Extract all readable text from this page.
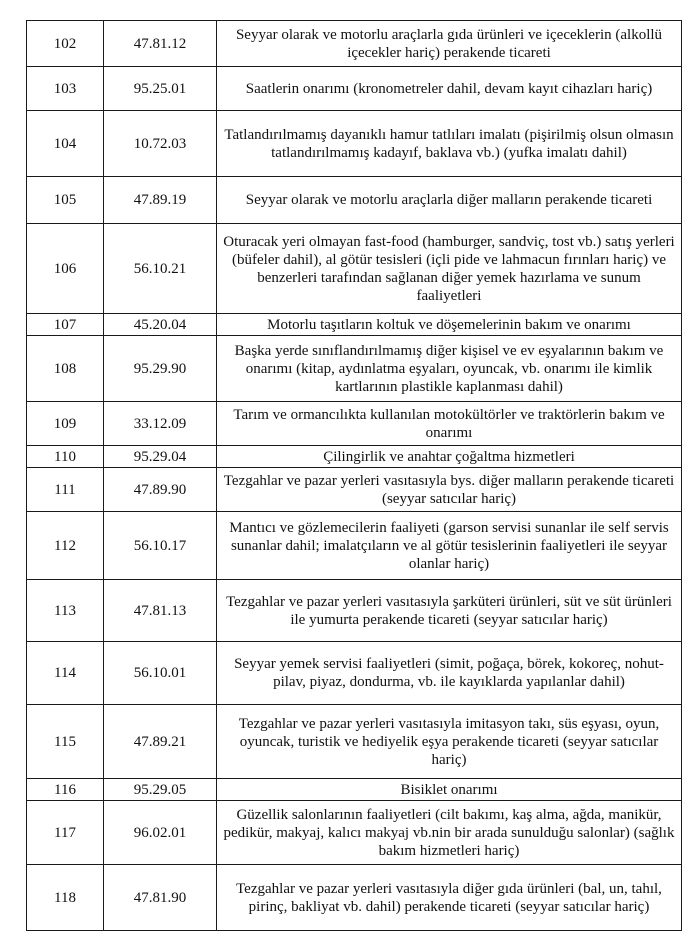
102	47.81.12	Seyyar olarak ve motorlu araçlarla gıda ürünleri ve içeceklerin (alkollü içecekler hariç) perakende ticareti
103	95.25.01	Saatlerin onarımı (kronometreler dahil, devam kayıt cihazları hariç)
104	10.72.03	Tatlandırılmamış dayanıklı hamur tatlıları imalatı (pişirilmiş olsun olmasın tatlandırılmamış kadayıf, baklava vb.) (yufka imalatı dahil)
105	47.89.19	Seyyar olarak ve motorlu araçlarla diğer malların perakende ticareti
106	56.10.21	Oturacak yeri olmayan fast-food (hamburger, sandviç, tost vb.) satış yerleri (büfeler dahil), al götür tesisleri (içli pide ve lahmacun fırınları hariç) ve benzerleri tarafından sağlanan diğer yemek hazırlama ve sunum faaliyetleri
107	45.20.04	Motorlu taşıtların koltuk ve döşemelerinin bakım ve onarımı
108	95.29.90	Başka yerde sınıflandırılmamış diğer kişisel ve ev eşyalarının bakım ve onarımı (kitap, aydınlatma eşyaları, oyuncak, vb. onarımı ile kimlik kartlarının plastikle kaplanması dahil)
109	33.12.09	Tarım ve ormancılıkta kullanılan motokültörler ve traktörlerin bakım ve onarımı
110	95.29.04	Çilingirlik ve anahtar çoğaltma hizmetleri
111	47.89.90	Tezgahlar ve pazar yerleri vasıtasıyla bys. diğer malların perakende ticareti (seyyar satıcılar hariç)
112	56.10.17	Mantıcı ve gözlemecilerin faaliyeti (garson servisi sunanlar ile self servis sunanlar dahil; imalatçıların ve al götür tesislerinin faaliyetleri ile seyyar olanlar hariç)
113	47.81.13	Tezgahlar ve pazar yerleri vasıtasıyla şarküteri ürünleri, süt ve süt ürünleri ile yumurta perakende ticareti (seyyar satıcılar hariç)
114	56.10.01	Seyyar yemek servisi faaliyetleri (simit, poğaça, börek, kokoreç, nohut-pilav, piyaz, dondurma, vb. ile kayıklarda yapılanlar dahil)
115	47.89.21	Tezgahlar ve pazar yerleri vasıtasıyla imitasyon takı, süs eşyası, oyun, oyuncak, turistik ve hediyelik eşya perakende ticareti (seyyar satıcılar hariç)
116	95.29.05	Bisiklet onarımı
117	96.02.01	Güzellik salonlarının faaliyetleri (cilt bakımı, kaş alma, ağda, manikür, pedikür, makyaj, kalıcı makyaj vb.nin bir arada sunulduğu salonlar) (sağlık bakım hizmetleri hariç)
118	47.81.90	Tezgahlar ve pazar yerleri vasıtasıyla diğer gıda ürünleri (bal, un, tahıl, pirinç, bakliyat vb. dahil) perakende ticareti (seyyar satıcılar hariç)
